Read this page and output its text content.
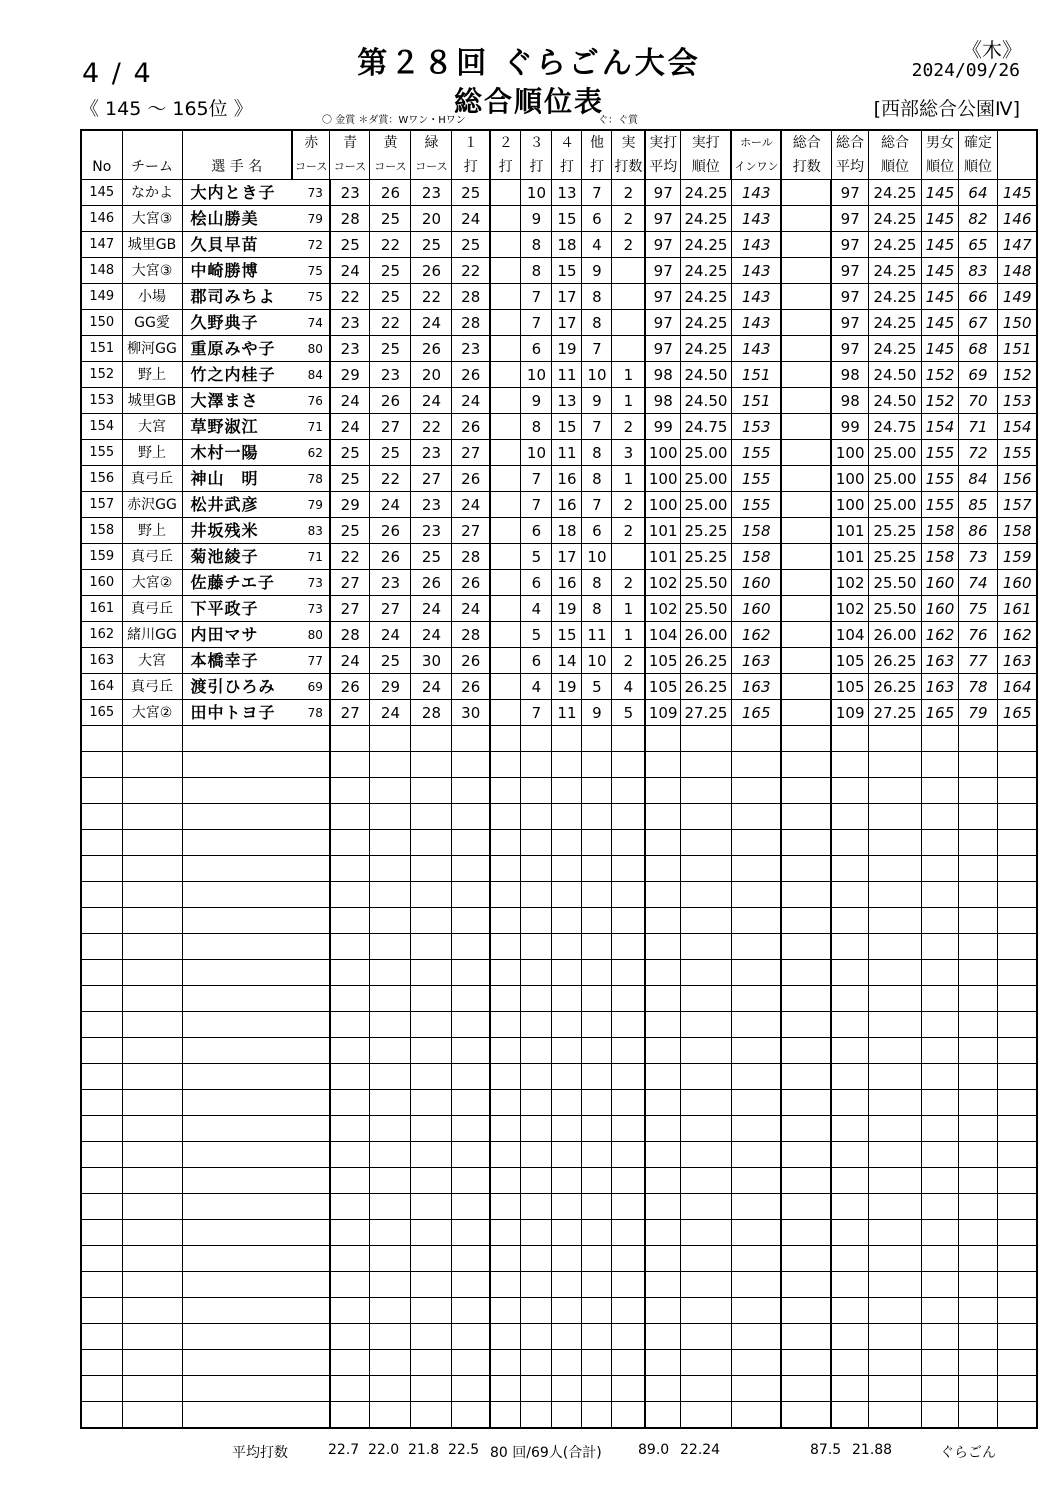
4 / 4
《 145 〜 165位 》
第２８回 ぐらごん大会
総合順位表
《木》
2024/09/26
[西部総合公園Ⅳ]
〇 金賞 ＊ダ賞：Wワン・Hワン	ぐ：ぐ賞
			赤	青	黄	緑	１	２	３	４	他	実	実打	実打	ホール	総合	総合	総合	男女	確定	
No	チーム	選 手 名	コース	コース	コース	コース	打	打	打	打	打	打数	平均	順位	インワン	打数	平均	順位	順位	順位	
145	なかよ	大内とき子 73		23	26	23	25		10	13	7	2	97	24.25	143		97	24.25	145	64	145
146	大宮③	桧山勝美 79		28	25	20	24		9	15	6	2	97	24.25	143		97	24.25	145	82	146
147	城里GB	久貝早苗 72		25	22	25	25		8	18	4	2	97	24.25	143		97	24.25	145	65	147
148	大宮③	中崎勝博 75		24	25	26	22		8	15	9		97	24.25	143		97	24.25	145	83	148
149	小場	郡司みちよ 75		22	25	22	28		7	17	8		97	24.25	143		97	24.25	145	66	149
150	GG愛	久野典子 74		23	22	24	28		7	17	8		97	24.25	143		97	24.25	145	67	150
151	柳河GG	重原みや子 80		23	25	26	23		6	19	7		97	24.25	143		97	24.25	145	68	151
152	野上	竹之内桂子 84		29	23	20	26		10	11	10	1	98	24.50	151		98	24.50	152	69	152
153	城里GB	大澤まさ 76		24	26	24	24		9	13	9	1	98	24.50	151		98	24.50	152	70	153
154	大宮	草野淑江 71		24	27	22	26		8	15	7	2	99	24.75	153		99	24.75	154	71	154
155	野上	木村一陽 62		25	25	23	27		10	11	8	3	100	25.00	155		100	25.00	155	72	155
156	真弓丘	神山　明 78		25	22	27	26		7	16	8	1	100	25.00	155		100	25.00	155	84	156
157	赤沢GG	松井武彦 79		29	24	23	24		7	16	7	2	100	25.00	155		100	25.00	155	85	157
158	野上	井坂残米 83		25	26	23	27		6	18	6	2	101	25.25	158		101	25.25	158	86	158
159	真弓丘	菊池綾子 71		22	26	25	28		5	17	10		101	25.25	158		101	25.25	158	73	159
160	大宮②	佐藤チエ子 73		27	23	26	26		6	16	8	2	102	25.50	160		102	25.50	160	74	160
161	真弓丘	下平政子 73		27	27	24	24		4	19	8	1	102	25.50	160		102	25.50	160	75	161
162	緒川GG	内田マサ 80		28	24	24	28		5	15	11	1	104	26.00	162		104	26.00	162	76	162
163	大宮	本橋幸子 77		24	25	30	26		6	14	10	2	105	26.25	163		105	26.25	163	77	163
164	真弓丘	渡引ひろみ 69		26	29	24	26		4	19	5	4	105	26.25	163		105	26.25	163	78	164
165	大宮②	田中トヨ子 78		27	24	28	30		7	11	9	5	109	27.25	165		109	27.25	165	79	165

平均打数	22.7 22.0 21.8 22.5 80 回/69人(合計)	89.0 22.24	87.5 21.88	ぐらごん
